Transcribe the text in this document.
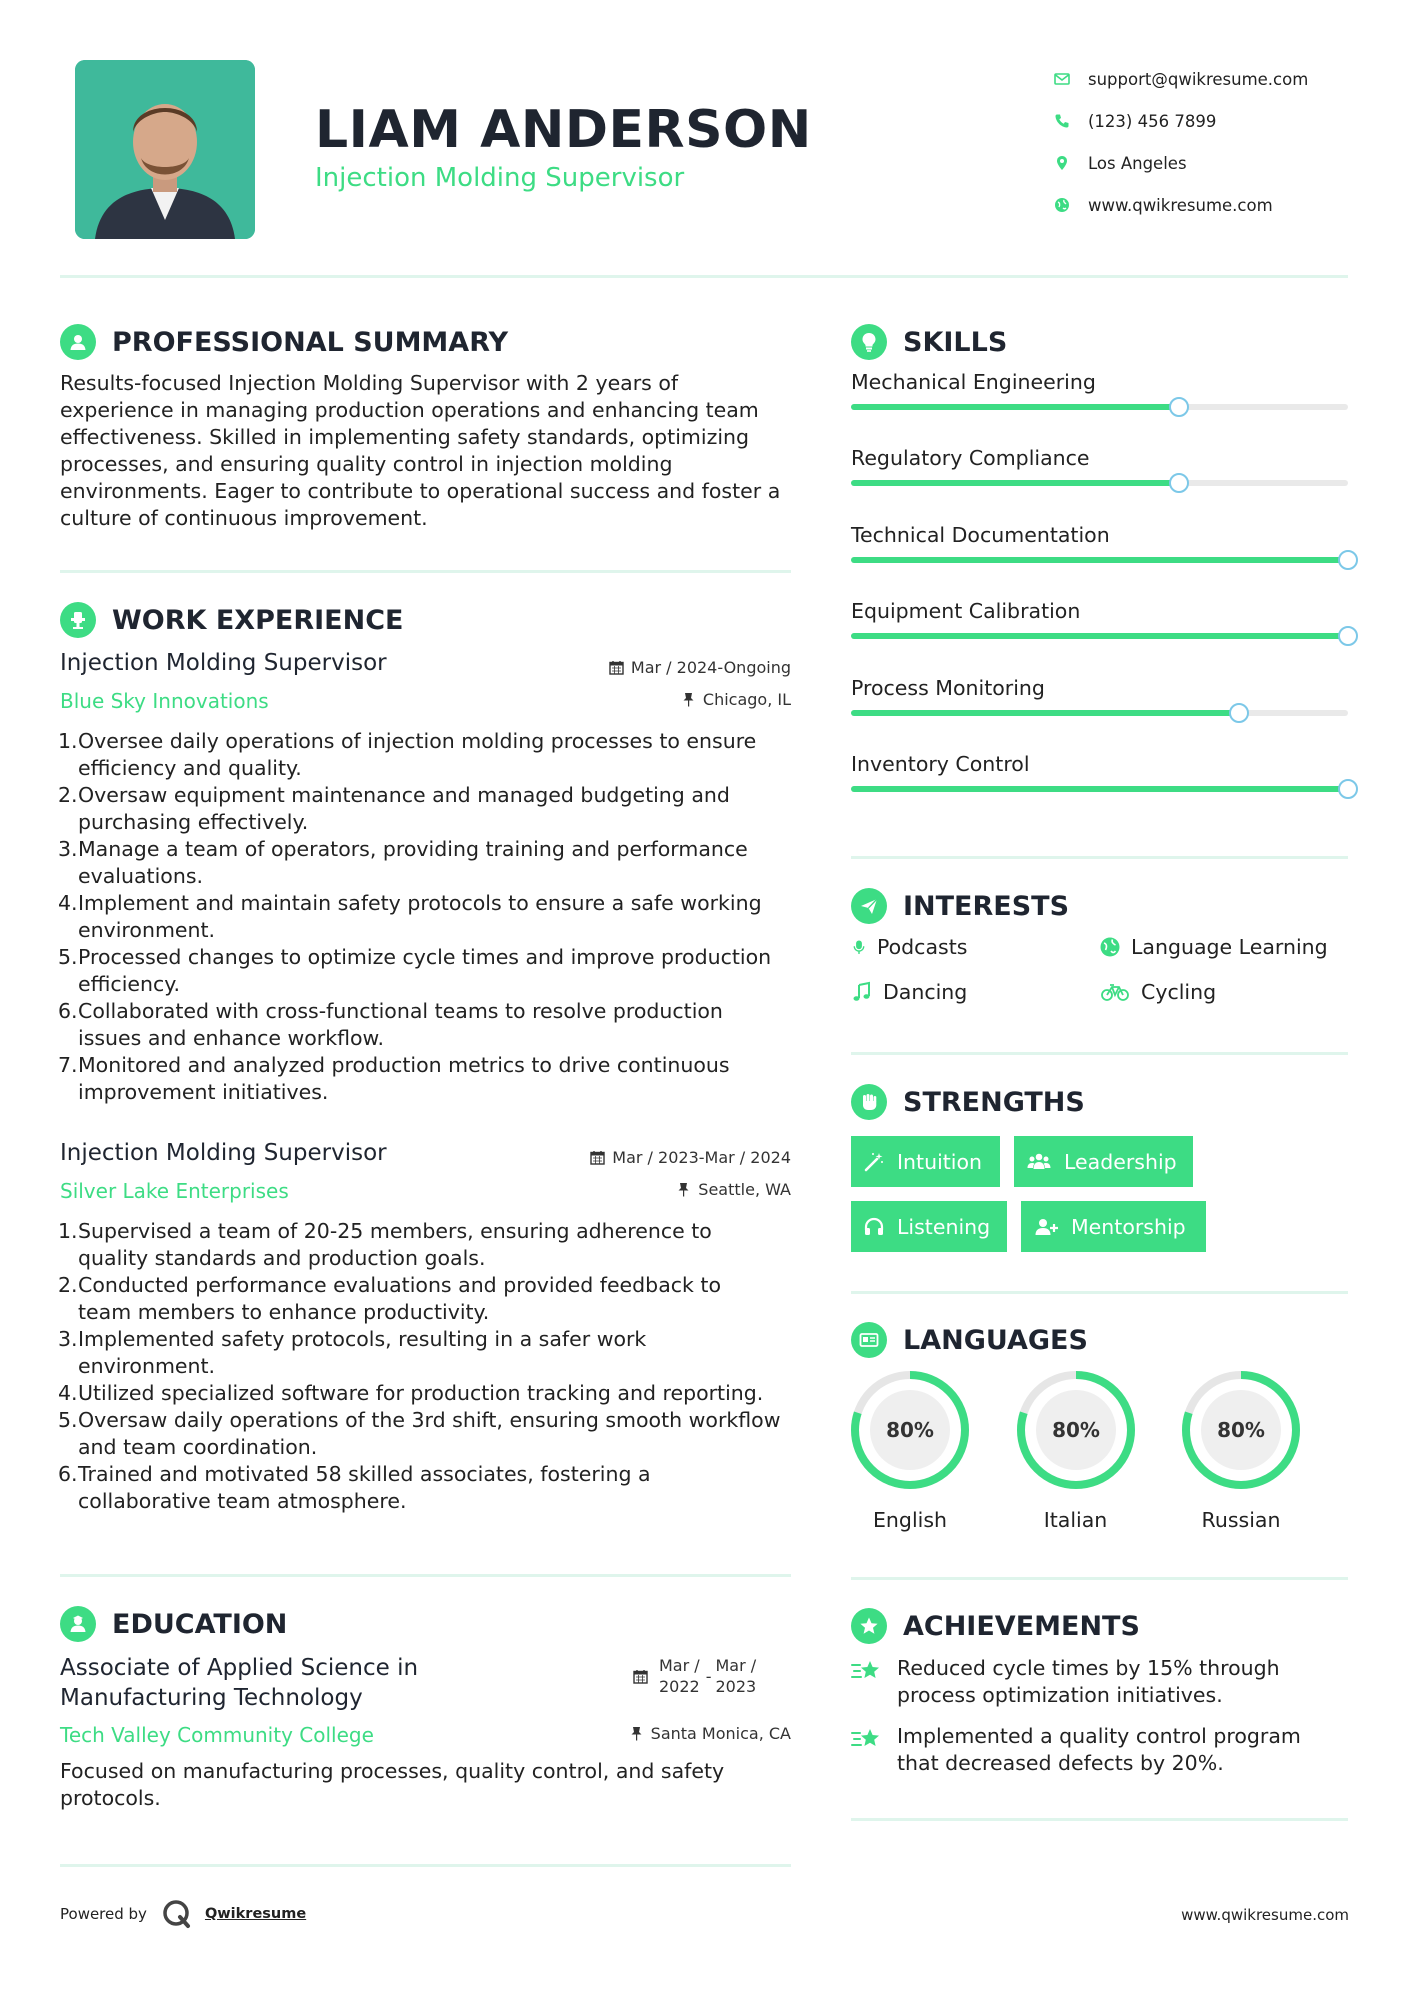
LIAM ANDERSON
Injection Molding Supervisor
support@qwikresume.com
(123) 456 7899
Los Angeles
www.qwikresume.com
PROFESSIONAL SUMMARY
Results-focused Injection Molding Supervisor with 2 years of
experience in managing production operations and enhancing team
effectiveness. Skilled in implementing safety standards, optimizing
processes, and ensuring quality control in injection molding
environments. Eager to contribute to operational success and foster a
culture of continuous improvement.
WORK EXPERIENCE
Injection Molding Supervisor	Mar / 2024-Ongoing
Blue Sky Innovations	Chicago, IL
1. Oversee daily operations of injection molding processes to ensure
efficiency and quality.
2. Oversaw equipment maintenance and managed budgeting and
purchasing effectively.
3. Manage a team of operators, providing training and performance
evaluations.
4. Implement and maintain safety protocols to ensure a safe working
environment.
5. Processed changes to optimize cycle times and improve production
efficiency.
6. Collaborated with cross-functional teams to resolve production
issues and enhance workflow.
7. Monitored and analyzed production metrics to drive continuous
improvement initiatives.
Injection Molding Supervisor	Mar / 2023-Mar / 2024
Silver Lake Enterprises	Seattle, WA
1. Supervised a team of 20-25 members, ensuring adherence to
quality standards and production goals.
2. Conducted performance evaluations and provided feedback to
team members to enhance productivity.
3. Implemented safety protocols, resulting in a safer work
environment.
4. Utilized specialized software for production tracking and reporting.
5. Oversaw daily operations of the 3rd shift, ensuring smooth workflow
and team coordination.
6. Trained and motivated 58 skilled associates, fostering a
collaborative team atmosphere.
EDUCATION
Associate of Applied Science in
Manufacturing Technology
Mar /
2022
-
Mar /
2023
Tech Valley Community College	Santa Monica, CA
Focused on manufacturing processes, quality control, and safety
protocols.
SKILLS
Mechanical Engineering
Regulatory Compliance
Technical Documentation
Equipment Calibration
Process Monitoring
Inventory Control
INTERESTS
Podcasts	Language Learning
Dancing	Cycling
STRENGTHS
Intuition	Leadership
Listening	Mentorship
LANGUAGES
80%
English
80%
Italian
80%
Russian
ACHIEVEMENTS
Reduced cycle times by 15% through
process optimization initiatives.
Implemented a quality control program
that decreased defects by 20%.
Powered by	Qwikresume	www.qwikresume.com
